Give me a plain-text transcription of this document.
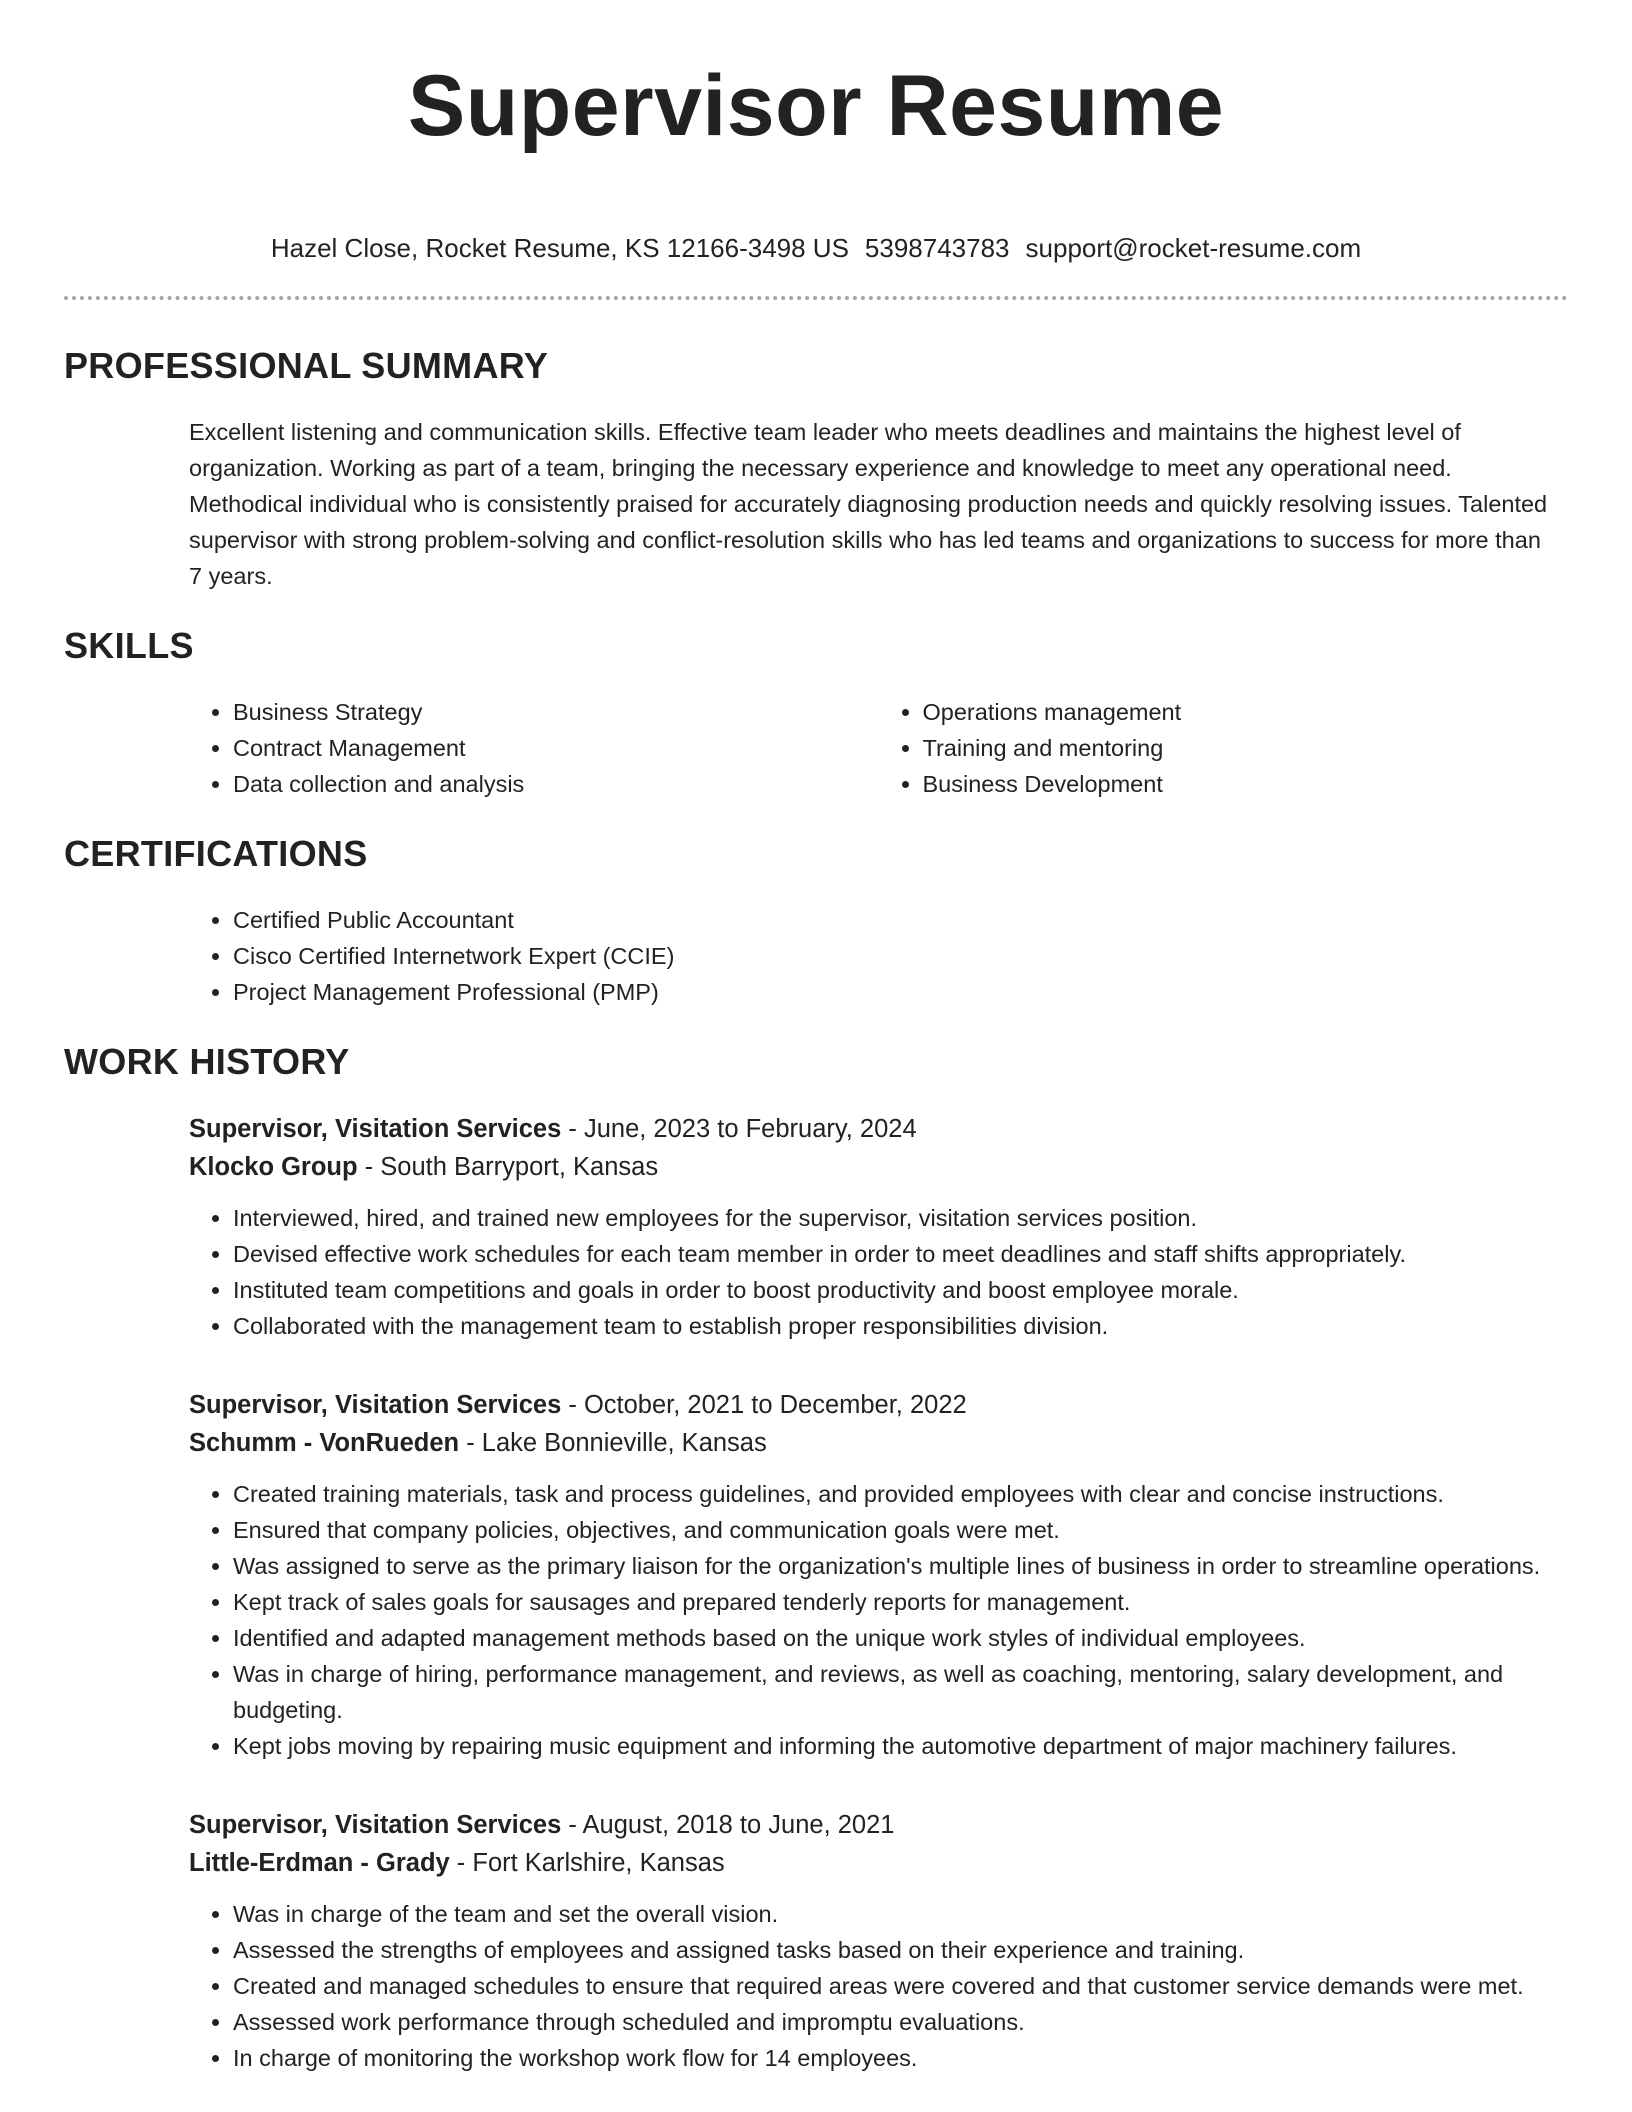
Supervisor Resume
Hazel Close, Rocket Resume, KS 12166-3498 US 5398743783 support@rocket-resume.com
PROFESSIONAL SUMMARY
Excellent listening and communication skills. Effective team leader who meets deadlines and maintains the highest level of organization. Working as part of a team, bringing the necessary experience and knowledge to meet any operational need. Methodical individual who is consistently praised for accurately diagnosing production needs and quickly resolving issues. Talented supervisor with strong problem-solving and conflict-resolution skills who has led teams and organizations to success for more than 7 years.
SKILLS
• Business Strategy
• Contract Management
• Data collection and analysis
• Operations management
• Training and mentoring
• Business Development
CERTIFICATIONS
• Certified Public Accountant
• Cisco Certified Internetwork Expert (CCIE)
• Project Management Professional (PMP)
WORK HISTORY
Supervisor, Visitation Services - June, 2023 to February, 2024
Klocko Group - South Barryport, Kansas
• Interviewed, hired, and trained new employees for the supervisor, visitation services position.
• Devised effective work schedules for each team member in order to meet deadlines and staff shifts appropriately.
• Instituted team competitions and goals in order to boost productivity and boost employee morale.
• Collaborated with the management team to establish proper responsibilities division.
Supervisor, Visitation Services - October, 2021 to December, 2022
Schumm - VonRueden - Lake Bonnieville, Kansas
• Created training materials, task and process guidelines, and provided employees with clear and concise instructions.
• Ensured that company policies, objectives, and communication goals were met.
• Was assigned to serve as the primary liaison for the organization's multiple lines of business in order to streamline operations.
• Kept track of sales goals for sausages and prepared tenderly reports for management.
• Identified and adapted management methods based on the unique work styles of individual employees.
• Was in charge of hiring, performance management, and reviews, as well as coaching, mentoring, salary development, and budgeting.
• Kept jobs moving by repairing music equipment and informing the automotive department of major machinery failures.
Supervisor, Visitation Services - August, 2018 to June, 2021
Little-Erdman - Grady - Fort Karlshire, Kansas
• Was in charge of the team and set the overall vision.
• Assessed the strengths of employees and assigned tasks based on their experience and training.
• Created and managed schedules to ensure that required areas were covered and that customer service demands were met.
• Assessed work performance through scheduled and impromptu evaluations.
• In charge of monitoring the workshop work flow for 14 employees.
